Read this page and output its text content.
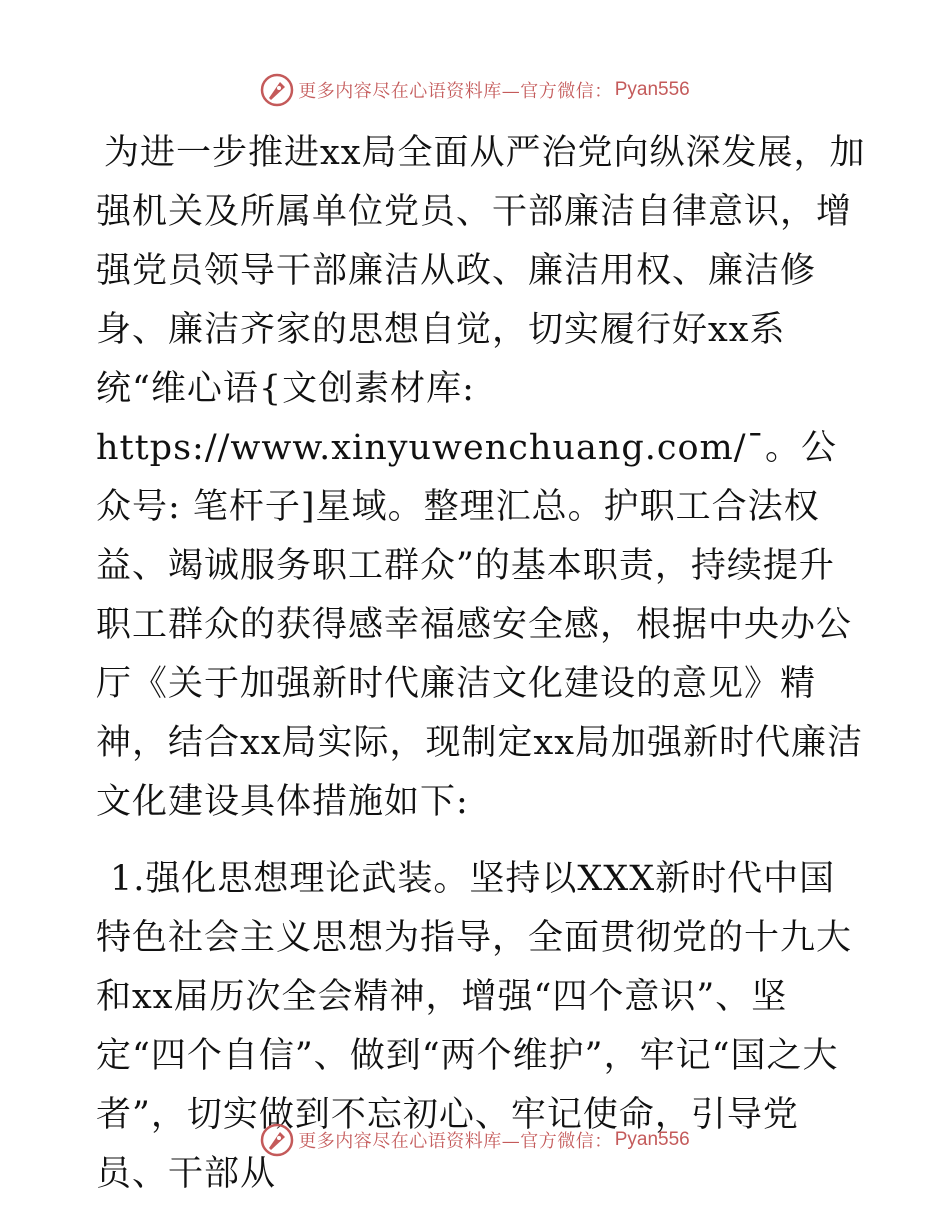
更多内容尽在心语资料库—官方微信： Pyan556

为进一步推进xx局全面从严治党向纵深发展，加强机关及所属单位党员、干部廉洁自律意识，增强党员领导干部廉洁从政、廉洁用权、廉洁修身、廉洁齐家的思想自觉，切实履行好xx系统“维心语{文创素材库: https://www.xinyuwenchuang.com/¯。公众号: 笔杆子]星域。整理汇总。护职工合法权益、竭诚服务职工群众”的基本职责，持续提升职工群众的获得感幸福感安全感，根据中央办公厅《关于加强新时代廉洁文化建设的意见》精神，结合xx局实际，现制定xx局加强新时代廉洁文化建设具体措施如下:

1.强化思想理论武装。坚持以XXX新时代中国特色社会主义思想为指导，全面贯彻党的十九大和xx届历次全会精神，增强“四个意识”、坚定“四个自信”、做到“两个维护”，牢记“国之大者”，切实做到不忘初心、牢记使命，引导党员、干部从

更多内容尽在心语资料库—官方微信： Pyan556
